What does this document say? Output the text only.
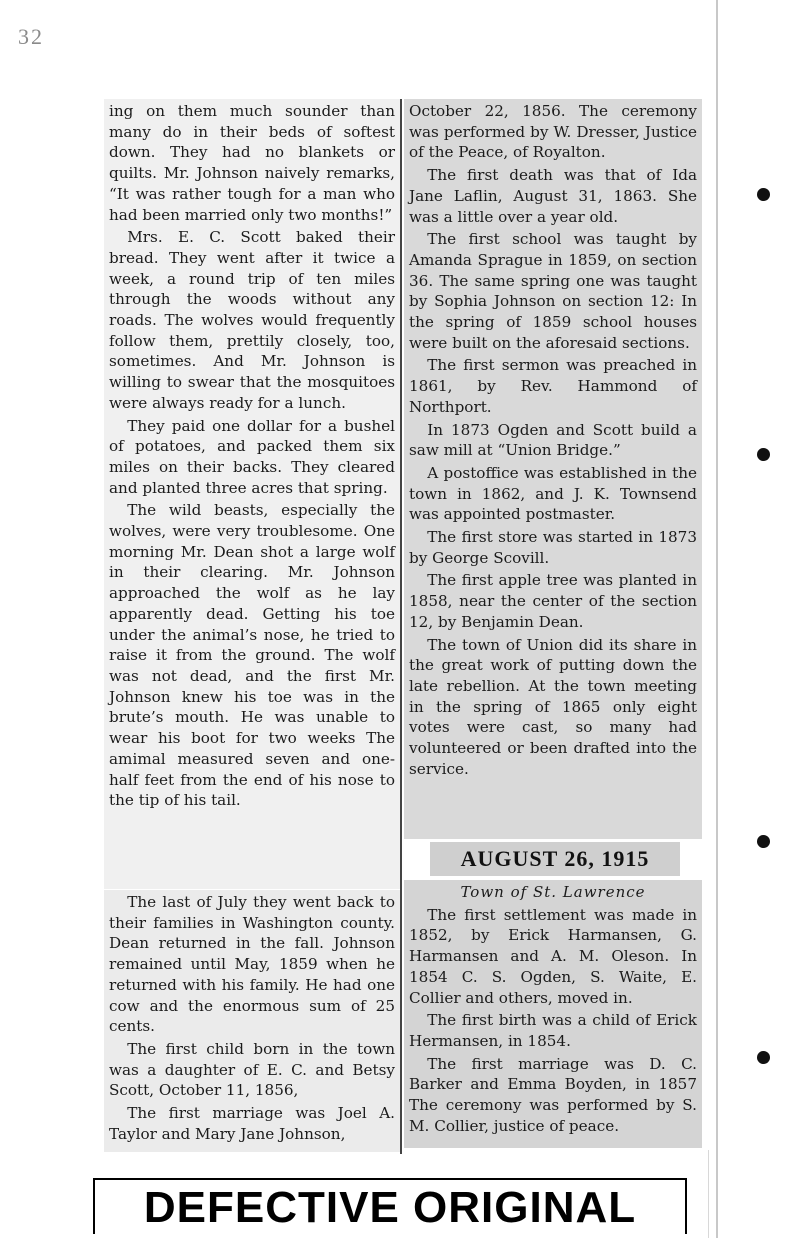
32

ing on them much sounder than many do in their beds of softest down. They had no blankets or quilts. Mr. Johnson naively remarks, “It was rather tough for a man who had been married only two months!”

Mrs. E. C. Scott baked their bread. They went after it twice a week, a round trip of ten miles through the woods without any roads. The wolves would frequently follow them, prettily closely, too, sometimes. And Mr. Johnson is willing to swear that the mosquitoes were always ready for a lunch.

They paid one dollar for a bushel of potatoes, and packed them six miles on their backs. They cleared and planted three acres that spring.

The wild beasts, especially the wolves, were very troublesome. One morning Mr. Dean shot a large wolf in their clearing. Mr. Johnson approached the wolf as he lay apparently dead. Getting his toe under the animal’s nose, he tried to raise it from the ground. The wolf was not dead, and the first Mr. Johnson knew his toe was in the brute’s mouth. He was unable to wear his boot for two weeks The amimal measured seven and one-half feet from the end of his nose to the tip of his tail.

The last of July they went back to their families in Washington county. Dean returned in the fall. Johnson remained until May, 1859 when he returned with his family. He had one cow and the enormous sum of 25 cents.

The first child born in the town was a daughter of E. C. and Betsy Scott, October 11, 1856,

The first marriage was Joel A. Taylor and Mary Jane Johnson,

October 22, 1856. The ceremony was performed by W. Dresser, Justice of the Peace, of Royalton.

The first death was that of Ida Jane Laflin, August 31, 1863. She was a little over a year old.

The first school was taught by Amanda Sprague in 1859, on section 36. The same spring one was taught by Sophia Johnson on section 12: In the spring of 1859 school houses were built on the aforesaid sections.

The first sermon was preached in 1861, by Rev. Hammond of Northport.

In 1873 Ogden and Scott build a saw mill at “Union Bridge.”

A postoffice was established in the town in 1862, and J. K. Townsend was appointed postmaster.

The first store was started in 1873 by George Scovill.

The first apple tree was planted in 1858, near the center of the section 12, by Benjamin Dean.

The town of Union did its share in the great work of putting down the late rebellion. At the town meeting in the spring of 1865 only eight votes were cast, so many had volunteered or been drafted into the service.

AUGUST 26, 1915

Town of St. Lawrence

The first settlement was made in 1852, by Erick Harmansen, G. Harmansen and A. M. Oleson. In 1854 C. S. Ogden, S. Waite, E. Collier and others, moved in.

The first birth was a child of Erick Hermansen, in 1854.

The first marriage was D. C. Barker and Emma Boyden, in 1857 The ceremony was performed by S. M. Collier, justice of peace.

DEFECTIVE ORIGINAL
